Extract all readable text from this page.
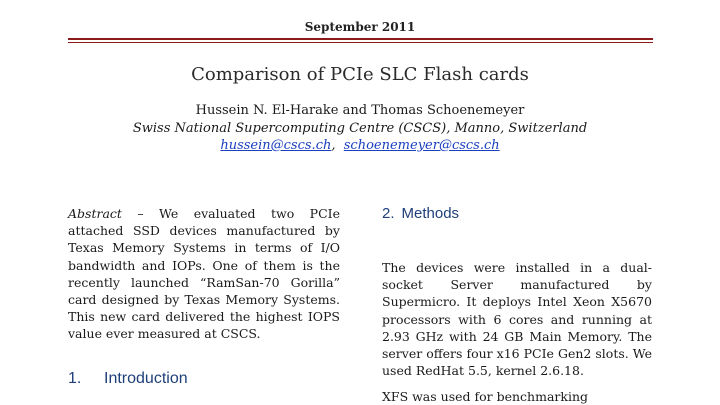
September 2011
Comparison of PCIe SLC Flash cards
Hussein N. El-Harake and Thomas Schoenemeyer
Swiss National Supercomputing Centre (CSCS), Manno, Switzerland
hussein@cscs.ch, schoenemeyer@cscs.ch
Abstract – We evaluated two PCIe attached SSD devices manufactured by Texas Memory Systems in terms of I/O bandwidth and IOPs. One of them is the recently launched “RamSan-70 Gorilla” card designed by Texas Memory Systems. This new card delivered the highest IOPS value ever measured at CSCS.
1. Introduction
2. Methods
The devices were installed in a dual-socket Server manufactured by Supermicro. It deploys Intel Xeon X5670 processors with 6 cores and running at 2.93 GHz with 24 GB Main Memory. The server offers four x16 PCIe Gen2 slots. We used RedHat 5.5, kernel 2.6.18.
XFS was used for benchmarking
